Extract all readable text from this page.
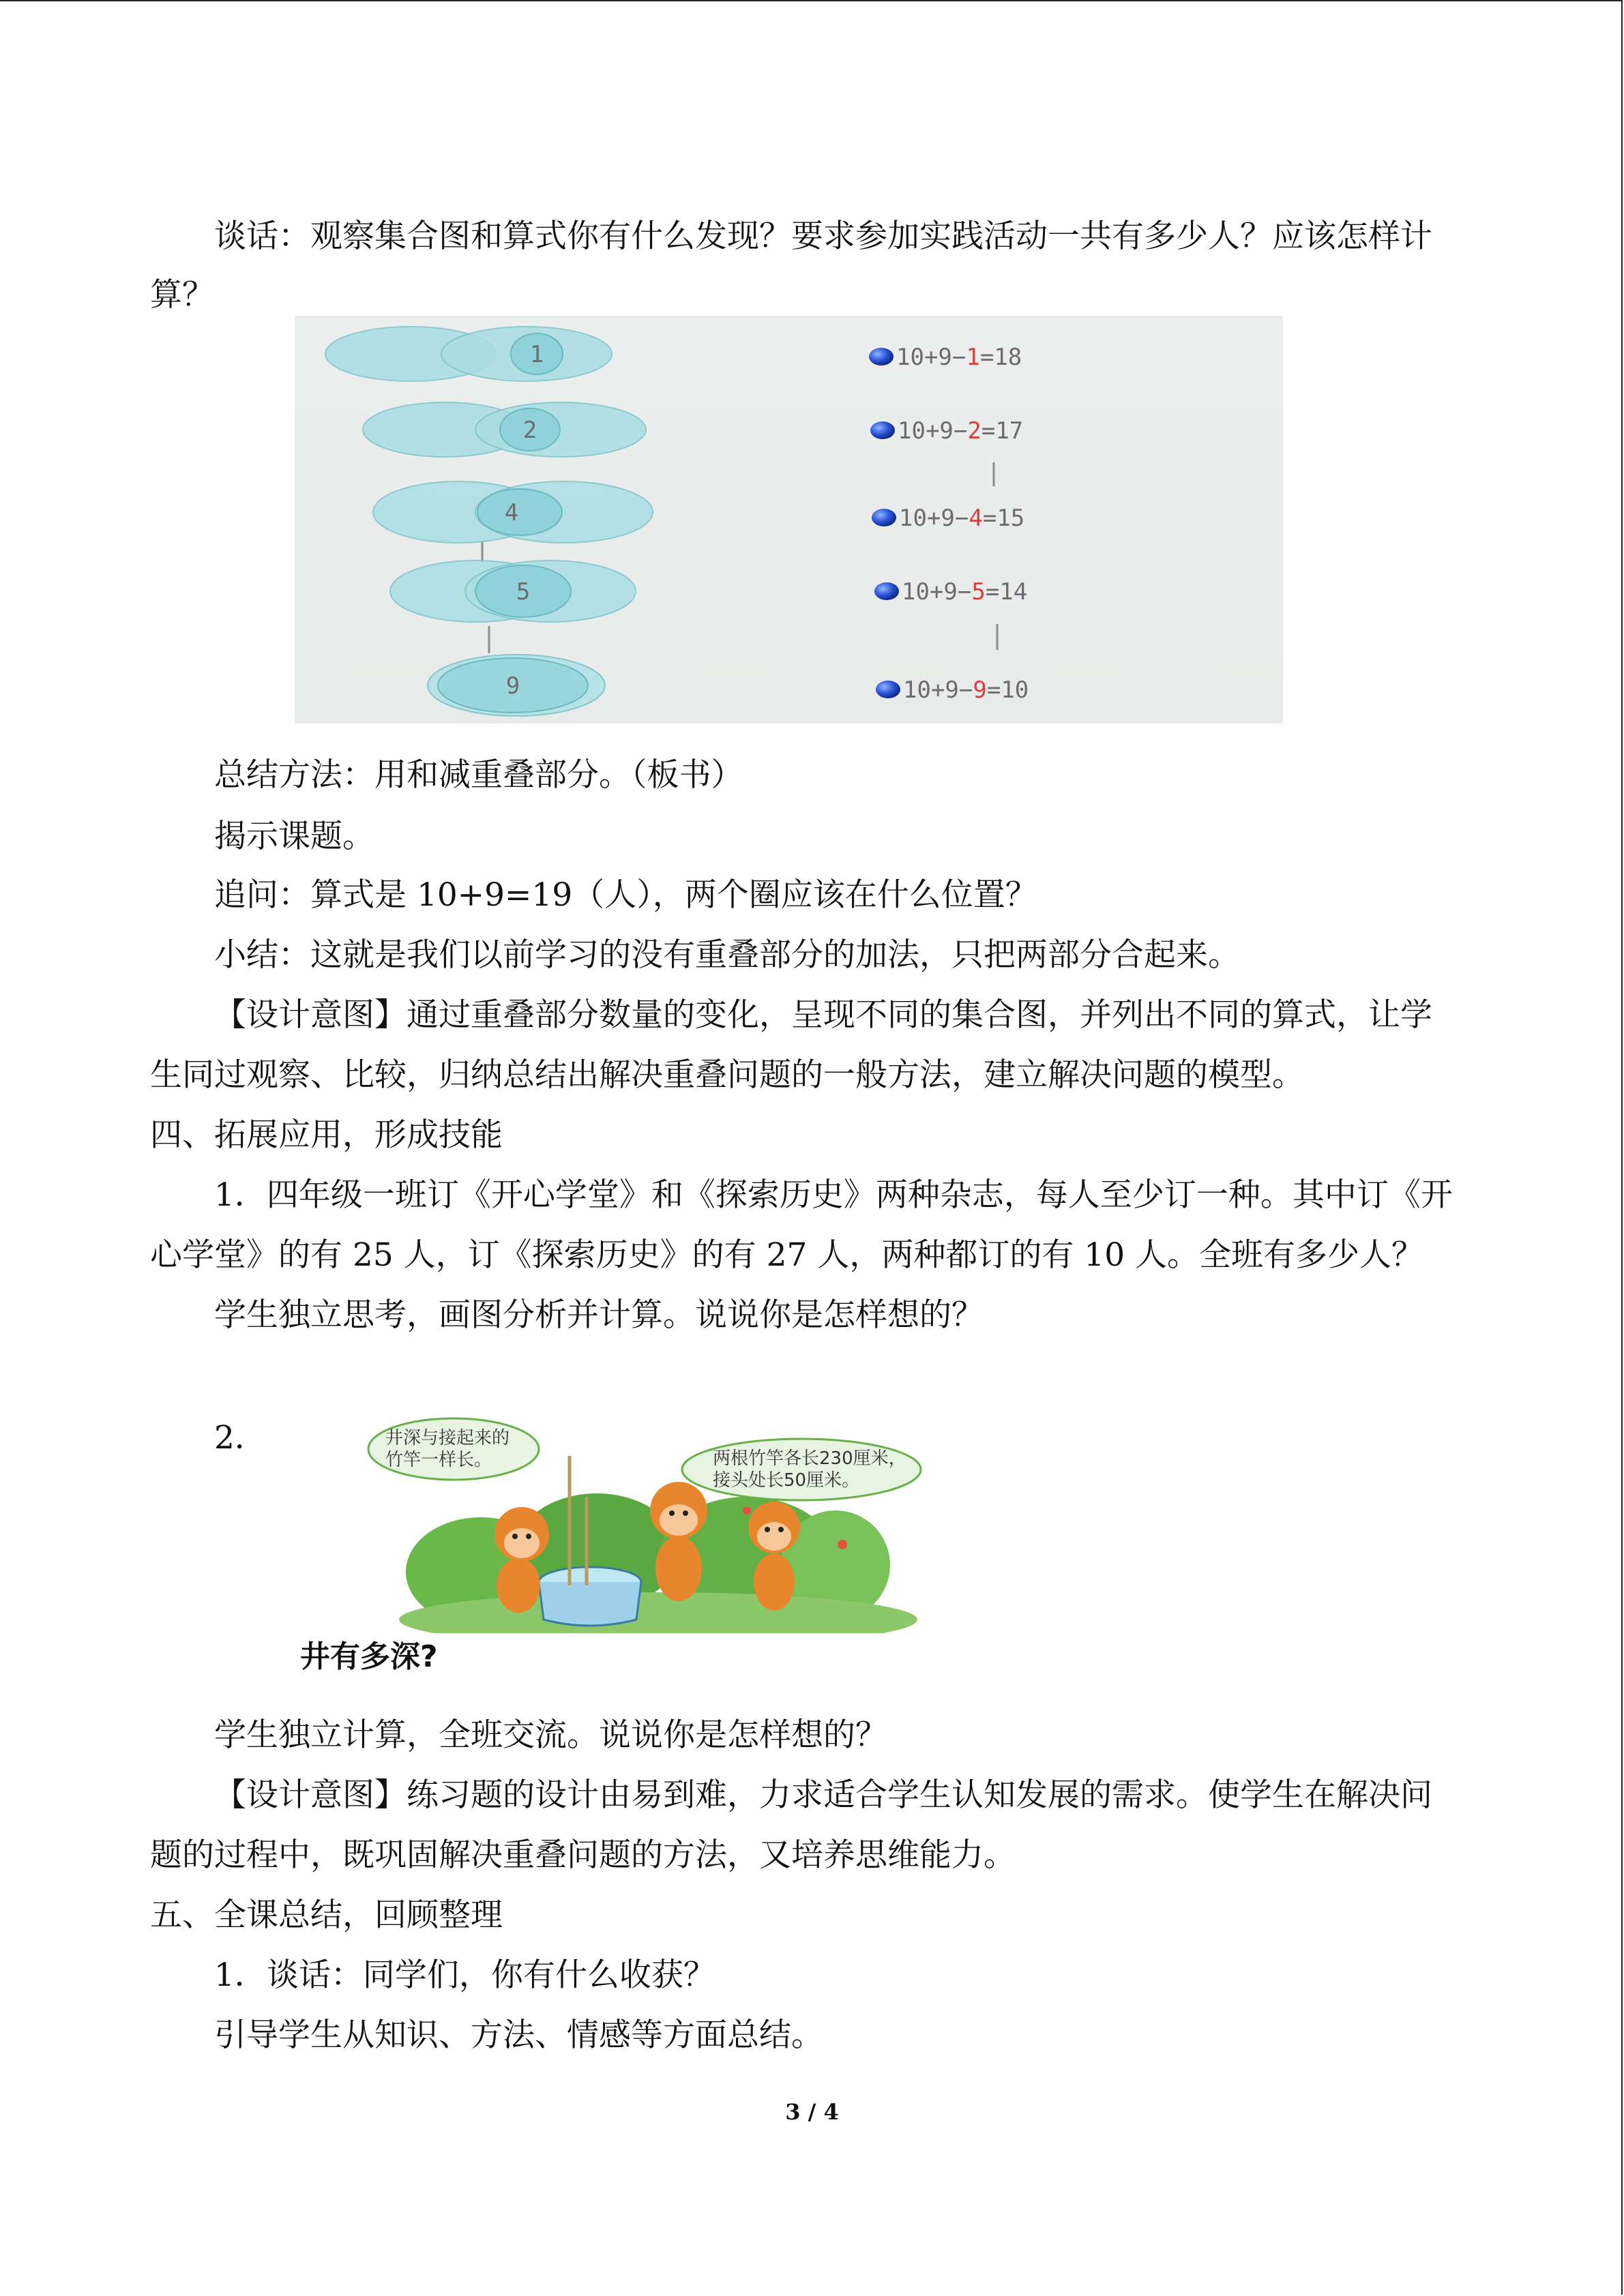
谈话：观察集合图和算式你有什么发现？要求参加实践活动一共有多少人？应该怎样计

算？

1
2
4
5
9
10+9−1=18
10+9−2=17
10+9−4=15
10+9−5=14
10+9−9=10

总结方法：用和减重叠部分。（板书）

揭示课题。

追问：算式是 10+9=19（人），两个圈应该在什么位置？

小结：这就是我们以前学习的没有重叠部分的加法，只把两部分合起来。

【设计意图】通过重叠部分数量的变化，呈现不同的集合图，并列出不同的算式，让学

生同过观察、比较，归纳总结出解决重叠问题的一般方法，建立解决问题的模型。

四、拓展应用，形成技能

1．四年级一班订《开心学堂》和《探索历史》两种杂志，每人至少订一种。其中订《开

心学堂》的有 25 人，订《探索历史》的有 27 人，两种都订的有 10 人。全班有多少人？

学生独立思考，画图分析并计算。说说你是怎样想的？

2．	井深与接起来的
竹竿一样长。	两根竹竿各长230厘米，
接头处长50厘米。

井有多深?

学生独立计算，全班交流。说说你是怎样想的？

【设计意图】练习题的设计由易到难，力求适合学生认知发展的需求。使学生在解决问

题的过程中，既巩固解决重叠问题的方法，又培养思维能力。

五、全课总结，回顾整理

1．谈话：同学们，你有什么收获？

引导学生从知识、方法、情感等方面总结。

3 / 4
